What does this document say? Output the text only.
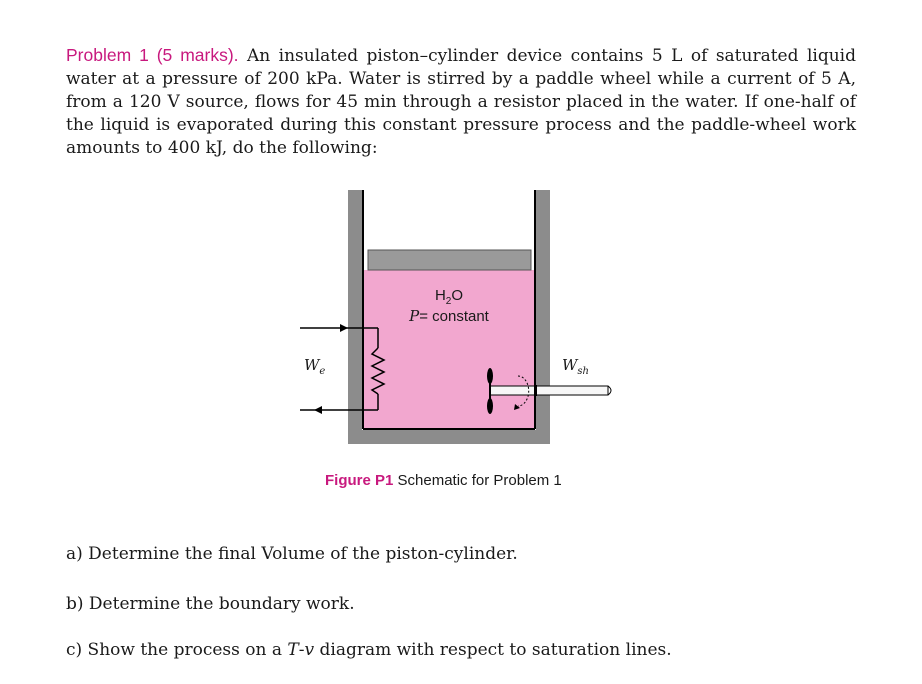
Problem 1 (5 marks). An insulated piston–cylinder device contains 5 L of saturated liquid water at a pressure of 200 kPa. Water is stirred by a paddle wheel while a current of 5 A, from a 120 V source, flows for 45 min through a resistor placed in the water. If one-half of the liquid is evaporated during this constant pressure process and the paddle-wheel work amounts to 400 kJ, do the following:
$H_2O$
P= constant
$W_e$	$W_{sh}$
Figure P1 Schematic for Problem 1
a) Determine the final Volume of the piston-cylinder.
b) Determine the boundary work.
c) Show the process on a T-v diagram with respect to saturation lines.
